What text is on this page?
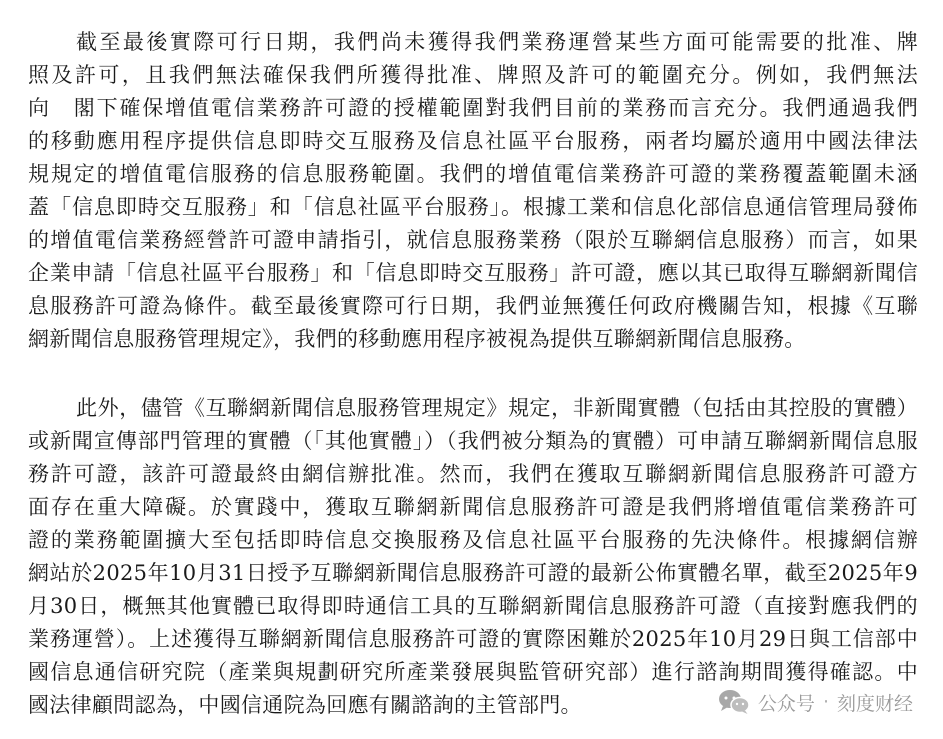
截至最後實際可行日期，我們尚未獲得我們業務運營某些方面可能需要的批准、牌
照及許可，且我們無法確保我們所獲得批准、牌照及許可的範圍充分。例如，我們無法
向　閣下確保增值電信業務許可證的授權範圍對我們目前的業務而言充分。我們通過我們
的移動應用程序提供信息即時交互服務及信息社區平台服務，兩者均屬於適用中國法律法
規規定的增值電信服務的信息服務範圍。我們的增值電信業務許可證的業務覆蓋範圍未涵
蓋「信息即時交互服務」和「信息社區平台服務」。根據工業和信息化部信息通信管理局發佈
的增值電信業務經營許可證申請指引，就信息服務業務（限於互聯網信息服務）而言，如果
企業申請「信息社區平台服務」和「信息即時交互服務」許可證，應以其已取得互聯網新聞信
息服務許可證為條件。截至最後實際可行日期，我們並無獲任何政府機關告知，根據《互聯
網新聞信息服務管理規定》，我們的移動應用程序被視為提供互聯網新聞信息服務。
此外，儘管《互聯網新聞信息服務管理規定》規定，非新聞實體（包括由其控股的實體）
或新聞宣傳部門管理的實體（「其他實體」）（我們被分類為的實體）可申請互聯網新聞信息服
務許可證，該許可證最終由網信辦批准。然而，我們在獲取互聯網新聞信息服務許可證方
面存在重大障礙。於實踐中，獲取互聯網新聞信息服務許可證是我們將增值電信業務許可
證的業務範圍擴大至包括即時信息交換服務及信息社區平台服務的先決條件。根據網信辦
網站於2025年10月31日授予互聯網新聞信息服務許可證的最新公佈實體名單，截至2025年9
月30日，概無其他實體已取得即時通信工具的互聯網新聞信息服務許可證（直接對應我們的
業務運營）。上述獲得互聯網新聞信息服務許可證的實際困難於2025年10月29日與工信部中
國信息通信研究院（產業與規劃研究所產業發展與監管研究部）進行諮詢期間獲得確認。中
國法律顧問認為，中國信通院為回應有關諮詢的主管部門。	公众号 · 刻度财经
